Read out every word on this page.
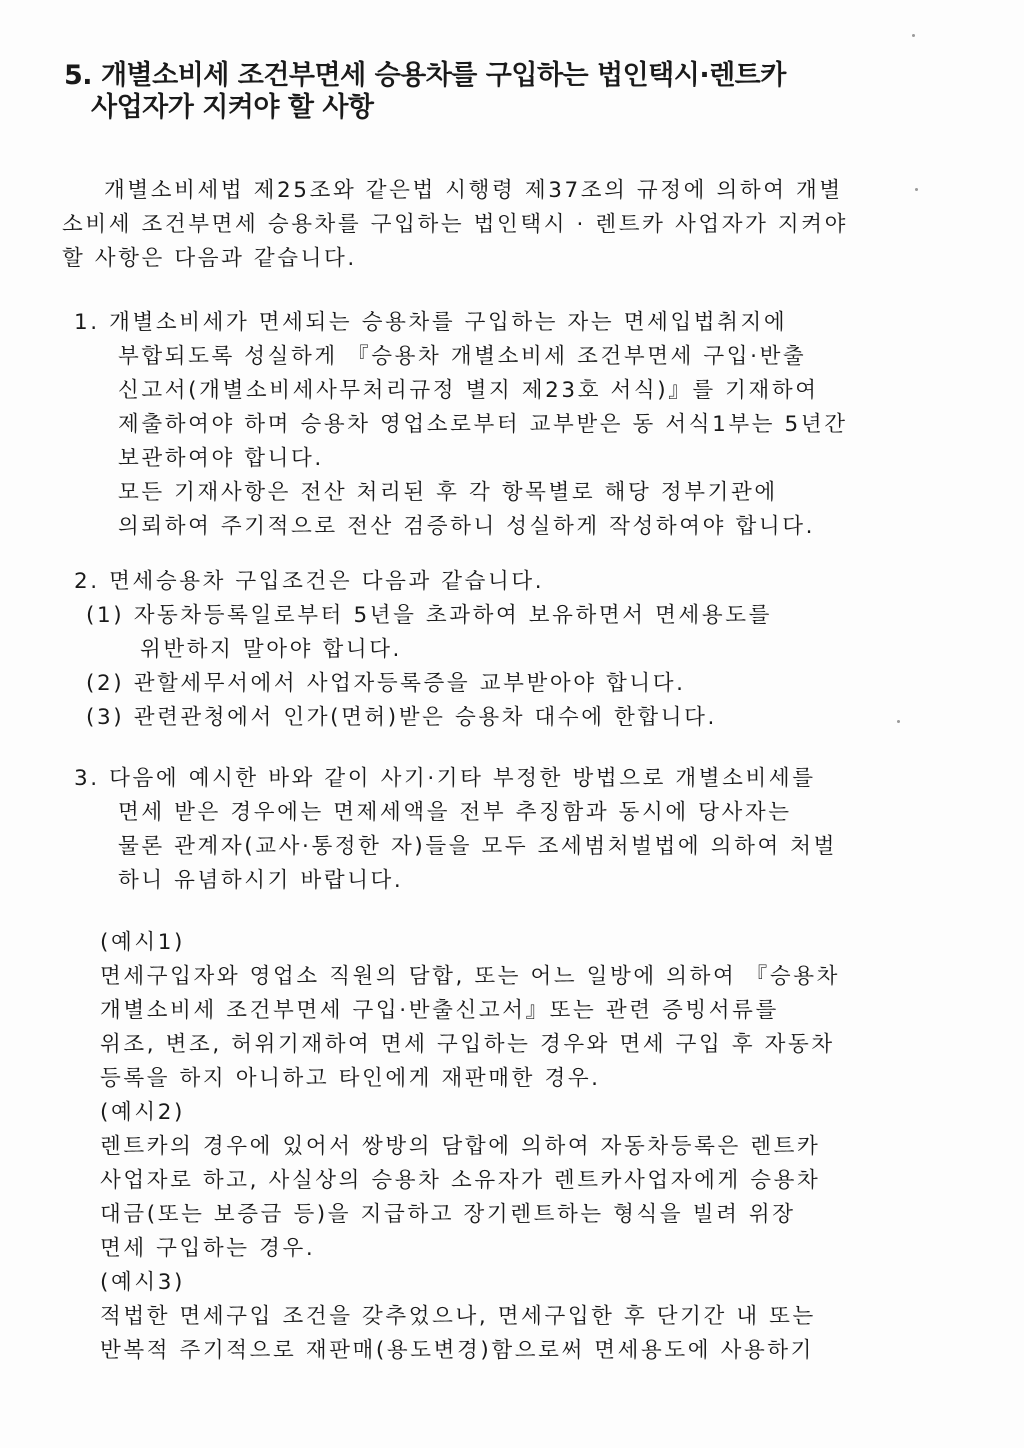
5. 개별소비세 조건부면세 승용차를 구입하는 법인택시·렌트카
사업자가 지켜야 할 사항
개별소비세법 제25조와 같은법 시행령 제37조의 규정에 의하여 개별
소비세 조건부면세 승용차를 구입하는 법인택시 · 렌트카 사업자가 지켜야
할 사항은 다음과 같습니다.
1. 개별소비세가 면세되는 승용차를 구입하는 자는 면세입법취지에
부합되도록 성실하게 『승용차 개별소비세 조건부면세 구입·반출
신고서(개별소비세사무처리규정 별지 제23호 서식)』를 기재하여
제출하여야 하며 승용차 영업소로부터 교부받은 동 서식1부는 5년간
보관하여야 합니다.
모든 기재사항은 전산 처리된 후 각 항목별로 해당 정부기관에
의뢰하여 주기적으로 전산 검증하니 성실하게 작성하여야 합니다.
2. 면세승용차 구입조건은 다음과 같습니다.
(1) 자동차등록일로부터 5년을 초과하여 보유하면서 면세용도를
위반하지 말아야 합니다.
(2) 관할세무서에서 사업자등록증을 교부받아야 합니다.
(3) 관련관청에서 인가(면허)받은 승용차 대수에 한합니다.
3. 다음에 예시한 바와 같이 사기·기타 부정한 방법으로 개별소비세를
면세 받은 경우에는 면제세액을 전부 추징함과 동시에 당사자는
물론 관계자(교사·통정한 자)들을 모두 조세범처벌법에 의하여 처벌
하니 유념하시기 바랍니다.
(예시1)
면세구입자와 영업소 직원의 담합, 또는 어느 일방에 의하여 『승용차
개별소비세 조건부면세 구입·반출신고서』또는 관련 증빙서류를
위조, 변조, 허위기재하여 면세 구입하는 경우와 면세 구입 후 자동차
등록을 하지 아니하고 타인에게 재판매한 경우.
(예시2)
렌트카의 경우에 있어서 쌍방의 담합에 의하여 자동차등록은 렌트카
사업자로 하고, 사실상의 승용차 소유자가 렌트카사업자에게 승용차
대금(또는 보증금 등)을 지급하고 장기렌트하는 형식을 빌려 위장
면세 구입하는 경우.
(예시3)
적법한 면세구입 조건을 갖추었으나, 면세구입한 후 단기간 내 또는
반복적 주기적으로 재판매(용도변경)함으로써 면세용도에 사용하기
